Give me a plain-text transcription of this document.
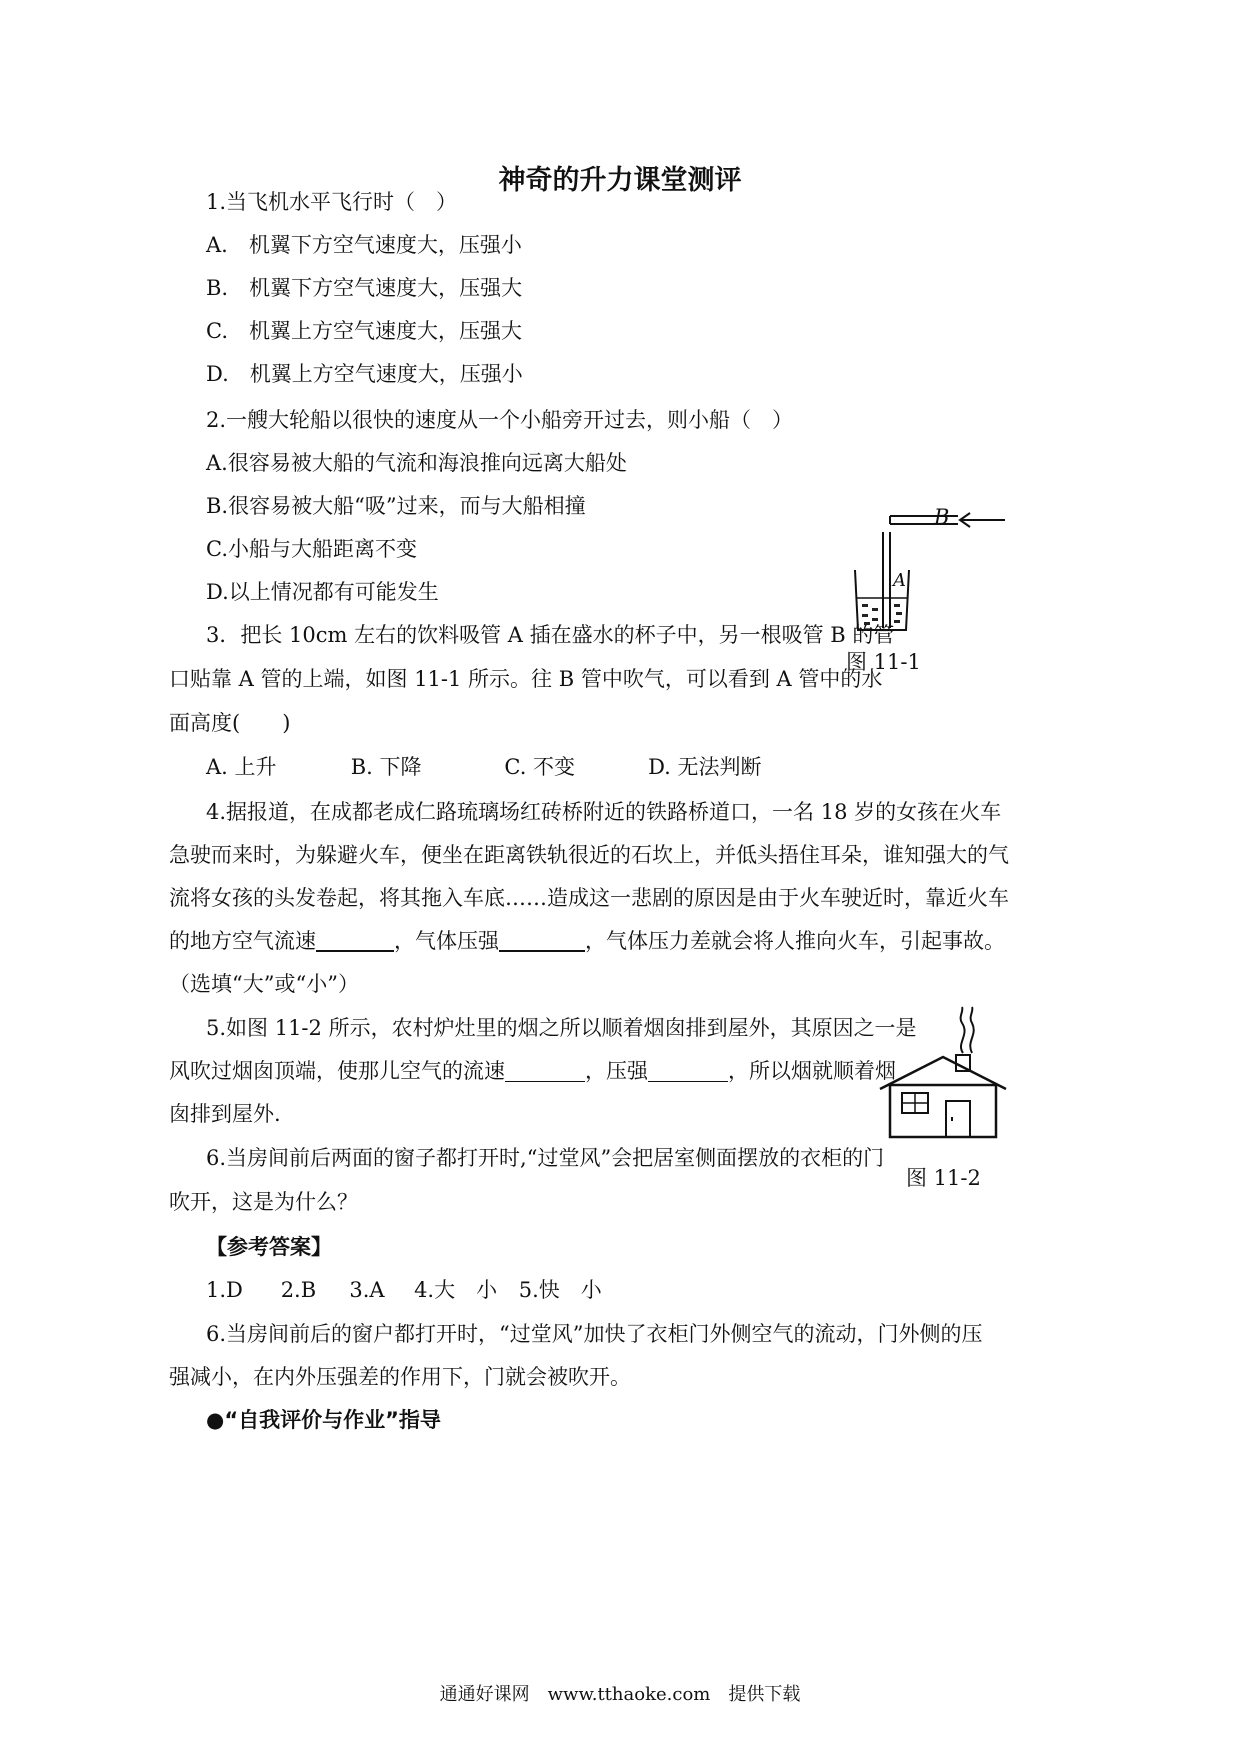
神奇的升力课堂测评
1.当飞机水平飞行时（　）
A.　机翼下方空气速度大，压强小
B.　机翼下方空气速度大，压强大
C.　机翼上方空气速度大，压强大
D.　机翼上方空气速度大，压强小
2.一艘大轮船以很快的速度从一个小船旁开过去，则小船（　）
A.很容易被大船的气流和海浪推向远离大船处
B.很容易被大船“吸”过来，而与大船相撞
C.小船与大船距离不变
D.以上情况都有可能发生
B
A
图 11-1
3．把长 10cm 左右的饮料吸管 A 插在盛水的杯子中，另一根吸管 B 的管
口贴靠 A 管的上端，如图 11-1 所示。往 B 管中吹气，可以看到 A 管中的水
面高度(　　)
A. 上升	B. 下降	C. 不变	D. 无法判断
4.据报道，在成都老成仁路琉璃场红砖桥附近的铁路桥道口，一名 18 岁的女孩在火车
急驶而来时，为躲避火车，便坐在距离铁轨很近的石坎上，并低头捂住耳朵，谁知强大的气
流将女孩的头发卷起，将其拖入车底……造成这一悲剧的原因是由于火车驶近时，靠近火车
的地方空气流速	，气体压强	，气体压力差就会将人推向火车，引起事故。
（选填“大”或“小”）
5.如图 11-2 所示，农村炉灶里的烟之所以顺着烟囱排到屋外，其原因之一是
风吹过烟囱顶端，使那儿空气的流速	，压强	，所以烟就顺着烟
囱排到屋外.
图 11-2
6.当房间前后两面的窗子都打开时,“过堂风”会把居室侧面摆放的衣柜的门
吹开，这是为什么？
【参考答案】
1.D 2.B 3.A 4.大　小 5.快　小
6.当房间前后的窗户都打开时，“过堂风”加快了衣柜门外侧空气的流动，门外侧的压
强减小，在内外压强差的作用下，门就会被吹开。
●“自我评价与作业”指导
通通好课网　www.tthaoke.com　提供下载
